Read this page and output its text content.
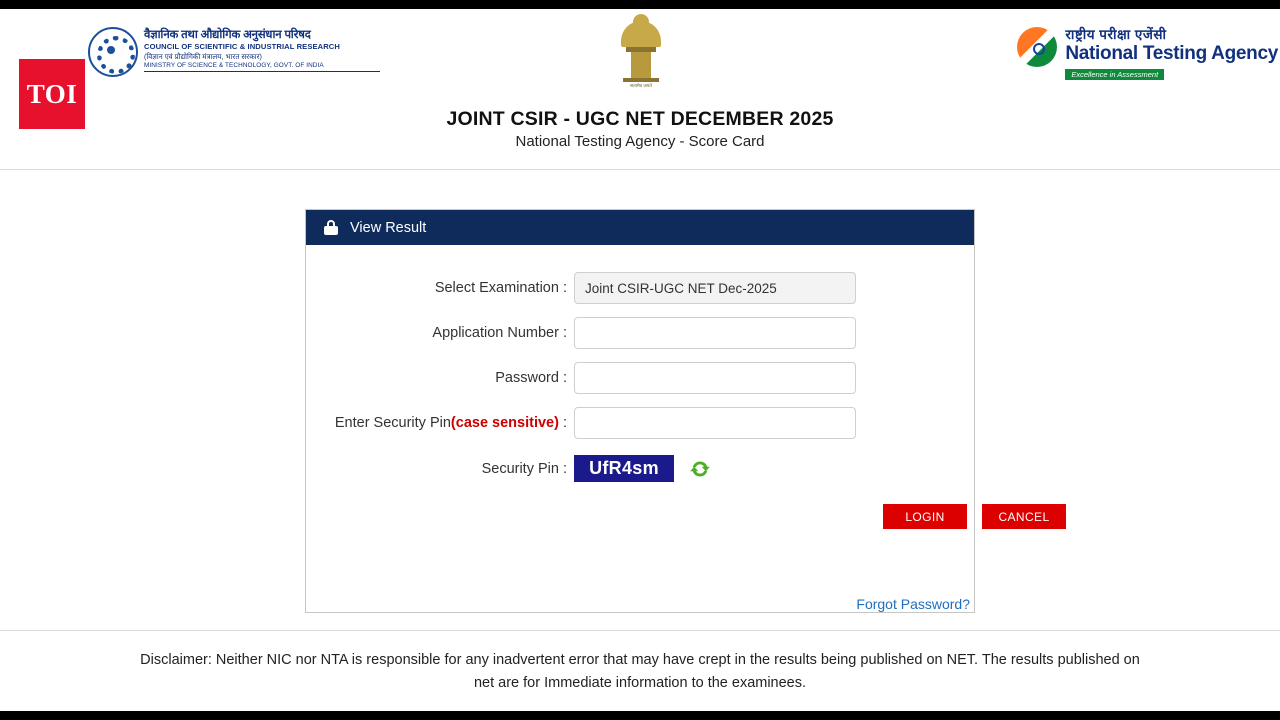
TOI
वैज्ञानिक तथा औद्योगिक अनुसंधान परिषद
COUNCIL OF SCIENTIFIC & INDUSTRIAL RESEARCH
(विज्ञान एवं प्रौद्योगिकी मंत्रालय, भारत सरकार)
MINISTRY OF SCIENCE & TECHNOLOGY, GOVT. OF INDIA
सत्यमेव जयते
राष्ट्रीय परीक्षा एजेंसी
National Testing Agency
Excellence in Assessment
JOINT CSIR - UGC NET DECEMBER 2025
National Testing Agency - Score Card
View Result
Select Examination :
Joint CSIR-UGC NET Dec-2025
Application Number :
Password :
Enter Security Pin(case sensitive) :
Security Pin :	UfR4sm
LOGIN	CANCEL
Forgot Password?
Disclaimer: Neither NIC nor NTA is responsible for any inadvertent error that may have crept in the results being published on NET. The results published on
net are for Immediate information to the examinees.
